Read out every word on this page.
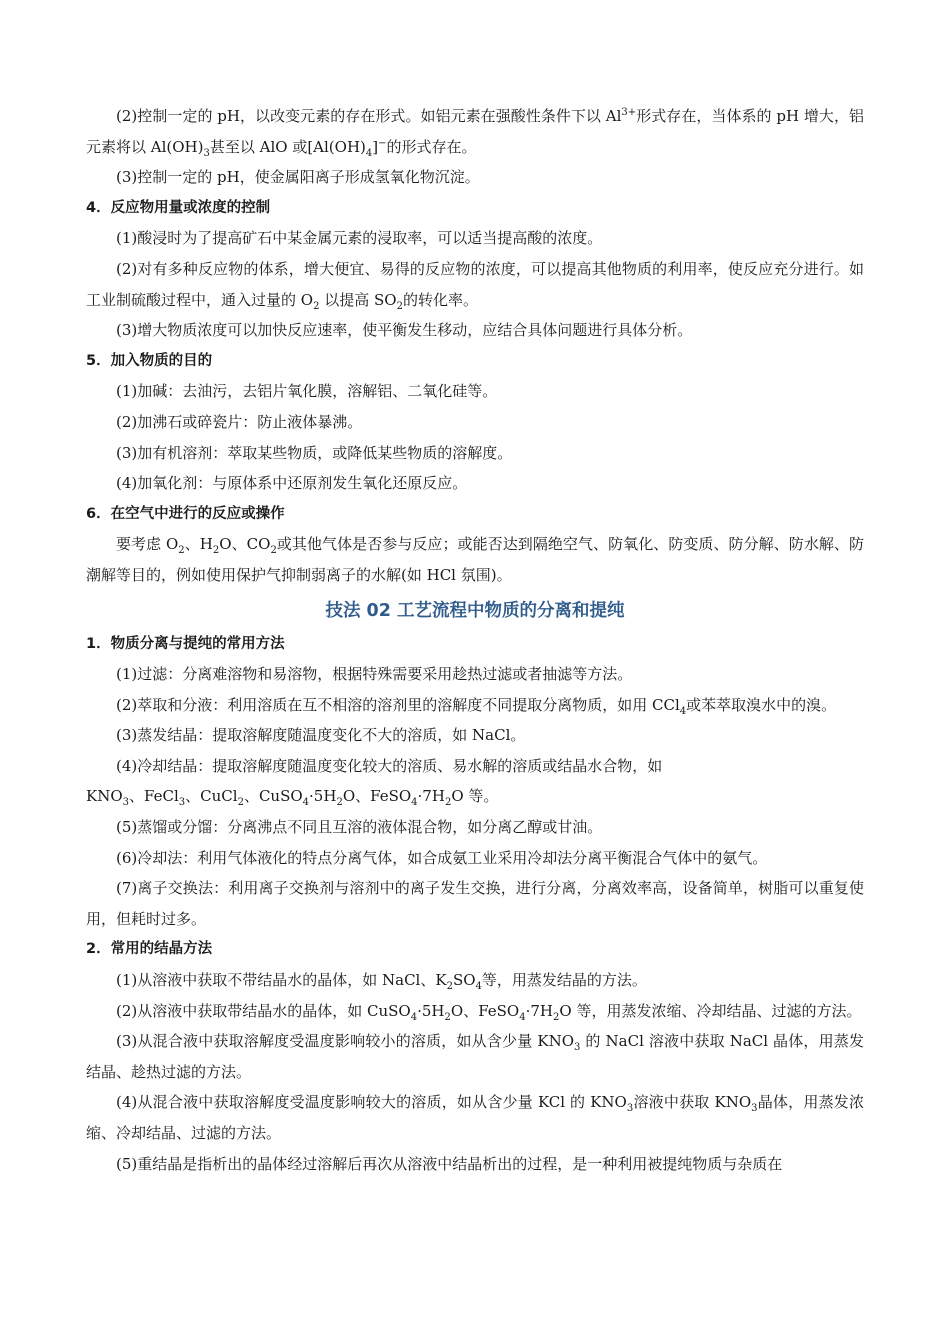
(2)控制一定的 pH，以改变元素的存在形式。如铝元素在强酸性条件下以 $Al^{3+}$形式存在，当体系的 pH 增大，铝元素将以 $Al(OH)_3$甚至以 AlO 或$[Al(OH)_4]^-$的形式存在。

(3)控制一定的 pH，使金属阳离子形成氢氧化物沉淀。

4．反应物用量或浓度的控制

(1)酸浸时为了提高矿石中某金属元素的浸取率，可以适当提高酸的浓度。

(2)对有多种反应物的体系，增大便宜、易得的反应物的浓度，可以提高其他物质的利用率，使反应充分进行。如工业制硫酸过程中，通入过量的 $O_2$ 以提高 $SO_2$的转化率。

(3)增大物质浓度可以加快反应速率，使平衡发生移动，应结合具体问题进行具体分析。

5．加入物质的目的

(1)加碱：去油污，去铝片氧化膜，溶解铝、二氧化硅等。

(2)加沸石或碎瓷片：防止液体暴沸。

(3)加有机溶剂：萃取某些物质，或降低某些物质的溶解度。

(4)加氧化剂：与原体系中还原剂发生氧化还原反应。

6．在空气中进行的反应或操作

要考虑 $O_2$、$H_2O$、$CO_2$或其他气体是否参与反应；或能否达到隔绝空气、防氧化、防变质、防分解、防水解、防潮解等目的，例如使用保护气抑制弱离子的水解(如 HCl 氛围)。

技法 02 工艺流程中物质的分离和提纯

1．物质分离与提纯的常用方法

(1)过滤：分离难溶物和易溶物，根据特殊需要采用趁热过滤或者抽滤等方法。

(2)萃取和分液：利用溶质在互不相溶的溶剂里的溶解度不同提取分离物质，如用 CCl$_4$或苯萃取溴水中的溴。

(3)蒸发结晶：提取溶解度随温度变化不大的溶质，如 NaCl。

(4)冷却结晶：提取溶解度随温度变化较大的溶质、易水解的溶质或结晶水合物，如

$KNO_3$、FeCl$_3$、CuCl$_2$、$CuSO_4\cdot 5H_2O$、$FeSO_4\cdot 7H_2O$ 等。

(5)蒸馏或分馏：分离沸点不同且互溶的液体混合物，如分离乙醇或甘油。

(6)冷却法：利用气体液化的特点分离气体，如合成氨工业采用冷却法分离平衡混合气体中的氨气。

(7)离子交换法：利用离子交换剂与溶剂中的离子发生交换，进行分离，分离效率高，设备简单，树脂可以重复使用，但耗时过多。

2．常用的结晶方法

(1)从溶液中获取不带结晶水的晶体，如 NaCl、$K_2SO_4$等，用蒸发结晶的方法。

(2)从溶液中获取带结晶水的晶体，如 $CuSO_4\cdot 5H_2O$、$FeSO_4\cdot 7H_2O$ 等，用蒸发浓缩、冷却结晶、过滤的方法。

(3)从混合液中获取溶解度受温度影响较小的溶质，如从含少量 $KNO_3$ 的 NaCl 溶液中获取 NaCl 晶体，用蒸发结晶、趁热过滤的方法。

(4)从混合液中获取溶解度受温度影响较大的溶质，如从含少量 KCl 的 $KNO_3$溶液中获取 $KNO_3$晶体，用蒸发浓缩、冷却结晶、过滤的方法。

(5)重结晶是指析出的晶体经过溶解后再次从溶液中结晶析出的过程，是一种利用被提纯物质与杂质在
